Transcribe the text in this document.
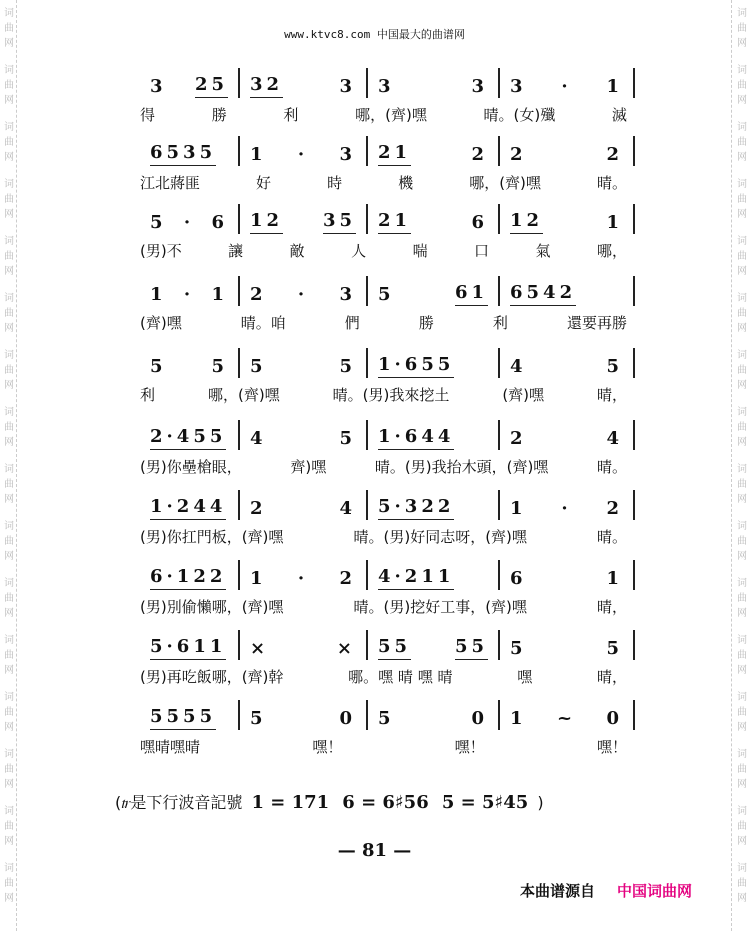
词
曲
网
词
曲
网
词
曲
网
词
曲
网
词
曲
网
词
曲
网
词
曲
网
词
曲
网
词
曲
网
词
曲
网
词
曲
网
词
曲
网
词
曲
网
词
曲
网
词
曲
网
词
曲
网
词
曲
网
词
曲
网
词
曲
网
词
曲
网
词
曲
网
词
曲
网
词
曲
网
词
曲
网
词
曲
网
词
曲
网
词
曲
网
词
曲
网
词
曲
网
词
曲
网
词
曲
网
词
曲
网
www.ktvc8.com 中国最大的曲谱网
3 25 32	3 3	3 3 · 1
得	勝	利	哪，(齊)嘿	晴。(女)殲	滅
6535 1 · 3 21	2 2	2
江北蔣匪	好	時	機	哪，(齊)嘿	晴。
5 · 6 12 35 21	6 12	1
(男)不	讓	敵	人	喘	口	氣	哪，
1 · 1 2 · 3 5	61 6542
(齊)嘿	晴。咱	們	勝	利	還要再勝
5 5 5	5 1·655	4	5
利	哪，(齊)嘿	晴。(男)我來挖土	(齊)嘿	晴，
2·455 4	5 1·644	2	4
(男)你壘槍眼，	齊)嘿	晴。(男)我抬木頭，(齊)嘿	晴。
1·244 2	4 5·322	1 · 2
(男)你扛門板，(齊)嘿	晴。(男)好同志呀，(齊)嘿	晴。
6·122 1 · 2 4·211	6	1
(男)別偷懶哪，(齊)嘿	晴。(男)挖好工事，(齊)嘿	晴，
5·611 ×	× 55 55 5	5
(男)再吃飯哪，(齊)幹	哪。嘿 晴 嘿 晴	嘿	晴，
5555 5	0 5	0 1 ~ 0
嘿晴嘿晴	嘿！	嘿！	嘿！
(𝆖是下行波音記號 1 = 171 6 = 6♯56 5 = 5♯45 )
— 81 —
本曲谱源自 中国词曲网
